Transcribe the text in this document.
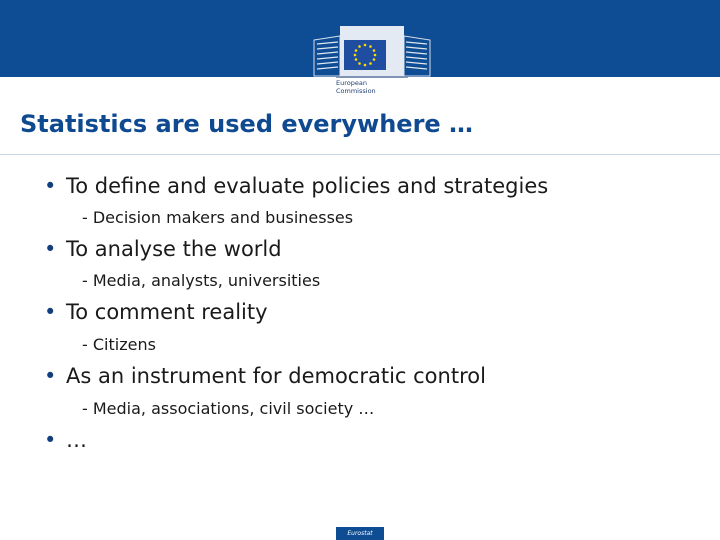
European
Commission
Statistics are used everywhere …
• To define and evaluate policies and strategies
- Decision makers and businesses
• To analyse the world
- Media, analysts, universities
• To comment reality
- Citizens
• As an instrument for democratic control
- Media, associations, civil society …
• …
Eurostat
